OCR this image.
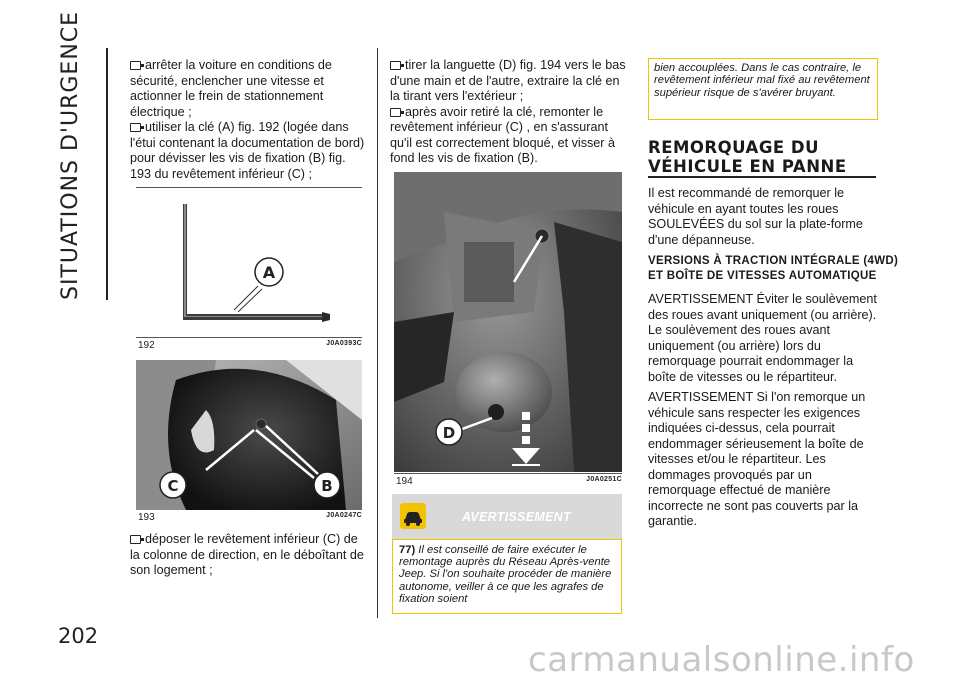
SITUATIONS D'URGENCE
202

arrêter la voiture en conditions de sécurité, enclencher une vitesse et actionner le frein de stationnement électrique ;

utiliser la clé (A) fig. 192 (logée dans l'étui contenant la documentation de bord) pour dévisser les vis de fixation (B) fig. 193 du revêtement inférieur (C) ;

A
192	J0A0393C
C	B
193	J0A0247C

déposer le revêtement inférieur (C) de la colonne de direction, en le déboîtant de son logement ;

tirer la languette (D) fig. 194 vers le bas d'une main et de l'autre, extraire la clé en la tirant vers l'extérieur ;

après avoir retiré la clé, remonter le revêtement inférieur (C) , en s'assurant qu'il est correctement bloqué, et visser à fond les vis de fixation (B).

D
194	J0A0251C
AVERTISSEMENT
77) Il est conseillé de faire exécuter le remontage auprès du Réseau Après-vente Jeep. Si l'on souhaite procéder de manière autonome, veiller à ce que les agrafes de fixation soient
bien accouplées. Dans le cas contraire, le revêtement inférieur mal fixé au revêtement supérieur risque de s'avérer bruyant.
REMORQUAGE DU
VÉHICULE EN PANNE
Il est recommandé de remorquer le véhicule en ayant toutes les roues SOULEVÉES du sol sur la plate-forme d'une dépanneuse.
VERSIONS À TRACTION INTÉGRALE (4WD)
ET BOÎTE DE VITESSES AUTOMATIQUE
AVERTISSEMENT Éviter le soulèvement des roues avant uniquement (ou arrière). Le soulèvement des roues avant uniquement (ou arrière) lors du remorquage pourrait endommager la boîte de vitesses ou le répartiteur.
AVERTISSEMENT Si l'on remorque un véhicule sans respecter les exigences indiquées ci-dessus, cela pourrait endommager sérieusement la boîte de vitesses et/ou le répartiteur. Les dommages provoqués par un remorquage effectué de manière incorrecte ne sont pas couverts par la garantie.
carmanualsonline.info
